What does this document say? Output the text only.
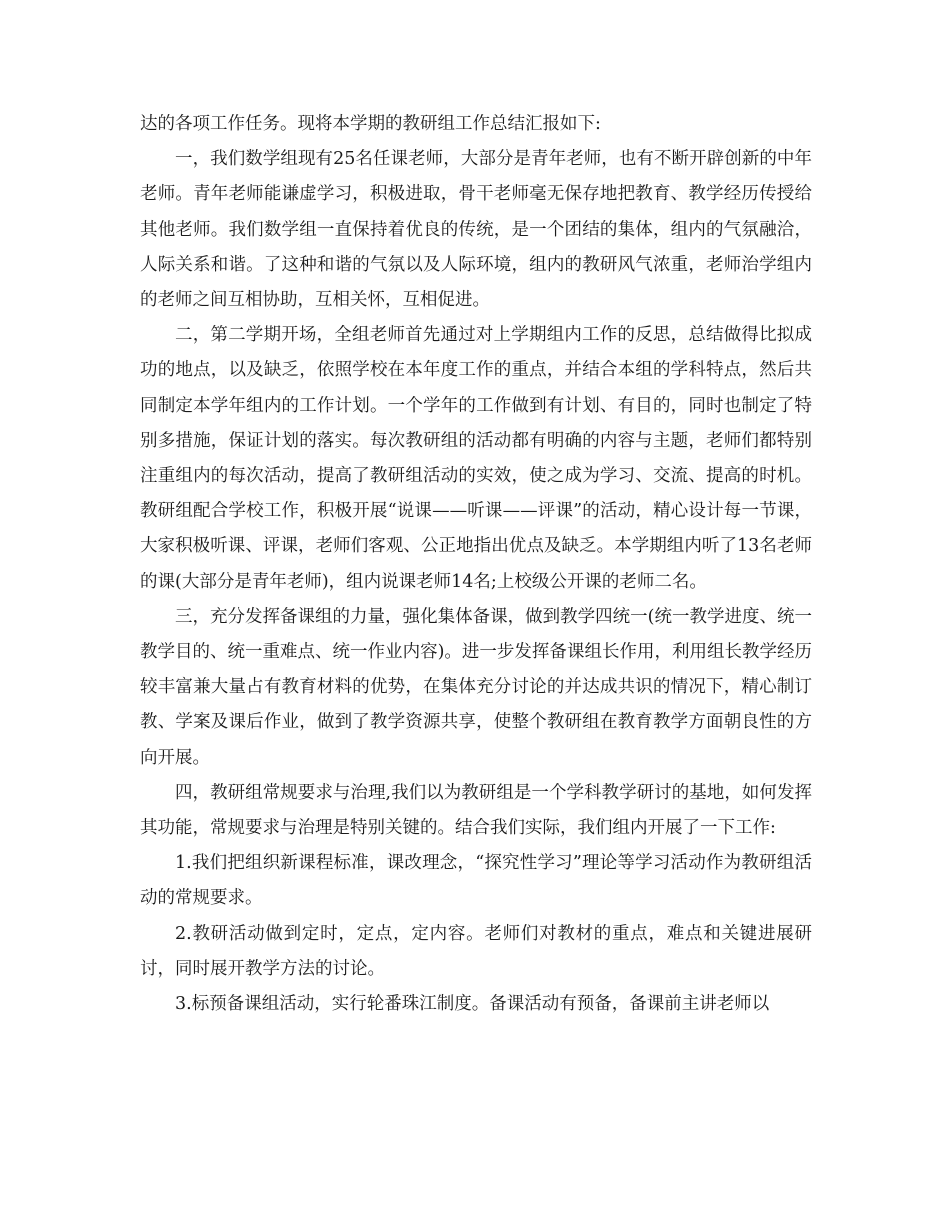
达的各项工作任务。现将本学期的教研组工作总结汇报如下:

一，我们数学组现有25名任课老师，大部分是青年老师，也有不断开辟创新的中年老师。青年老师能谦虚学习，积极进取，骨干老师毫无保存地把教育、教学经历传授给其他老师。我们数学组一直保持着优良的传统，是一个团结的集体，组内的气氛融洽，人际关系和谐。了这种和谐的气氛以及人际环境，组内的教研风气浓重，老师治学组内的老师之间互相协助，互相关怀，互相促进。

二，第二学期开场，全组老师首先通过对上学期组内工作的反思，总结做得比拟成功的地点，以及缺乏，依照学校在本年度工作的重点，并结合本组的学科特点，然后共同制定本学年组内的工作计划。一个学年的工作做到有计划、有目的，同时也制定了特别多措施，保证计划的落实。每次教研组的活动都有明确的内容与主题，老师们都特别注重组内的每次活动，提高了教研组活动的实效，使之成为学习、交流、提高的时机。教研组配合学校工作，积极开展“说课——听课——评课”的活动，精心设计每一节课，大家积极听课、评课，老师们客观、公正地指出优点及缺乏。本学期组内听了13名老师的课(大部分是青年老师)，组内说课老师14名;上校级公开课的老师二名。

三，充分发挥备课组的力量，强化集体备课，做到教学四统一(统一教学进度、统一教学目的、统一重难点、统一作业内容)。进一步发挥备课组长作用，利用组长教学经历较丰富兼大量占有教育材料的优势，在集体充分讨论的并达成共识的情况下，精心制订教、学案及课后作业，做到了教学资源共享，使整个教研组在教育教学方面朝良性的方向开展。

四，教研组常规要求与治理,我们以为教研组是一个学科教学研讨的基地，如何发挥其功能，常规要求与治理是特别关键的。结合我们实际，我们组内开展了一下工作:

1.我们把组织新课程标准，课改理念，“探究性学习”理论等学习活动作为教研组活动的常规要求。

2.教研活动做到定时，定点，定内容。老师们对教材的重点，难点和关键进展研讨，同时展开教学方法的讨论。

3.标预备课组活动，实行轮番珠江制度。备课活动有预备，备课前主讲老师以
